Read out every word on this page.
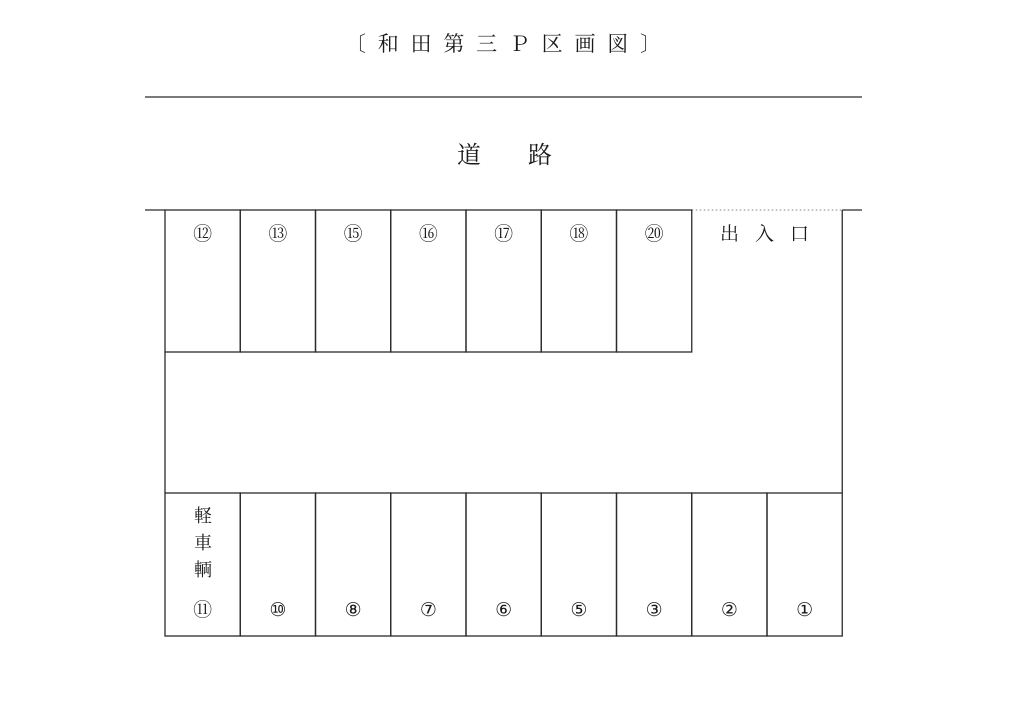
〔和田第三Ｐ区画図〕
道　路
出入口
⑫	⑬	⑮	⑯	⑰	⑱	⑳
軽車輌
⑪	⑩	⑧	⑦	⑥	⑤	③	②	①
